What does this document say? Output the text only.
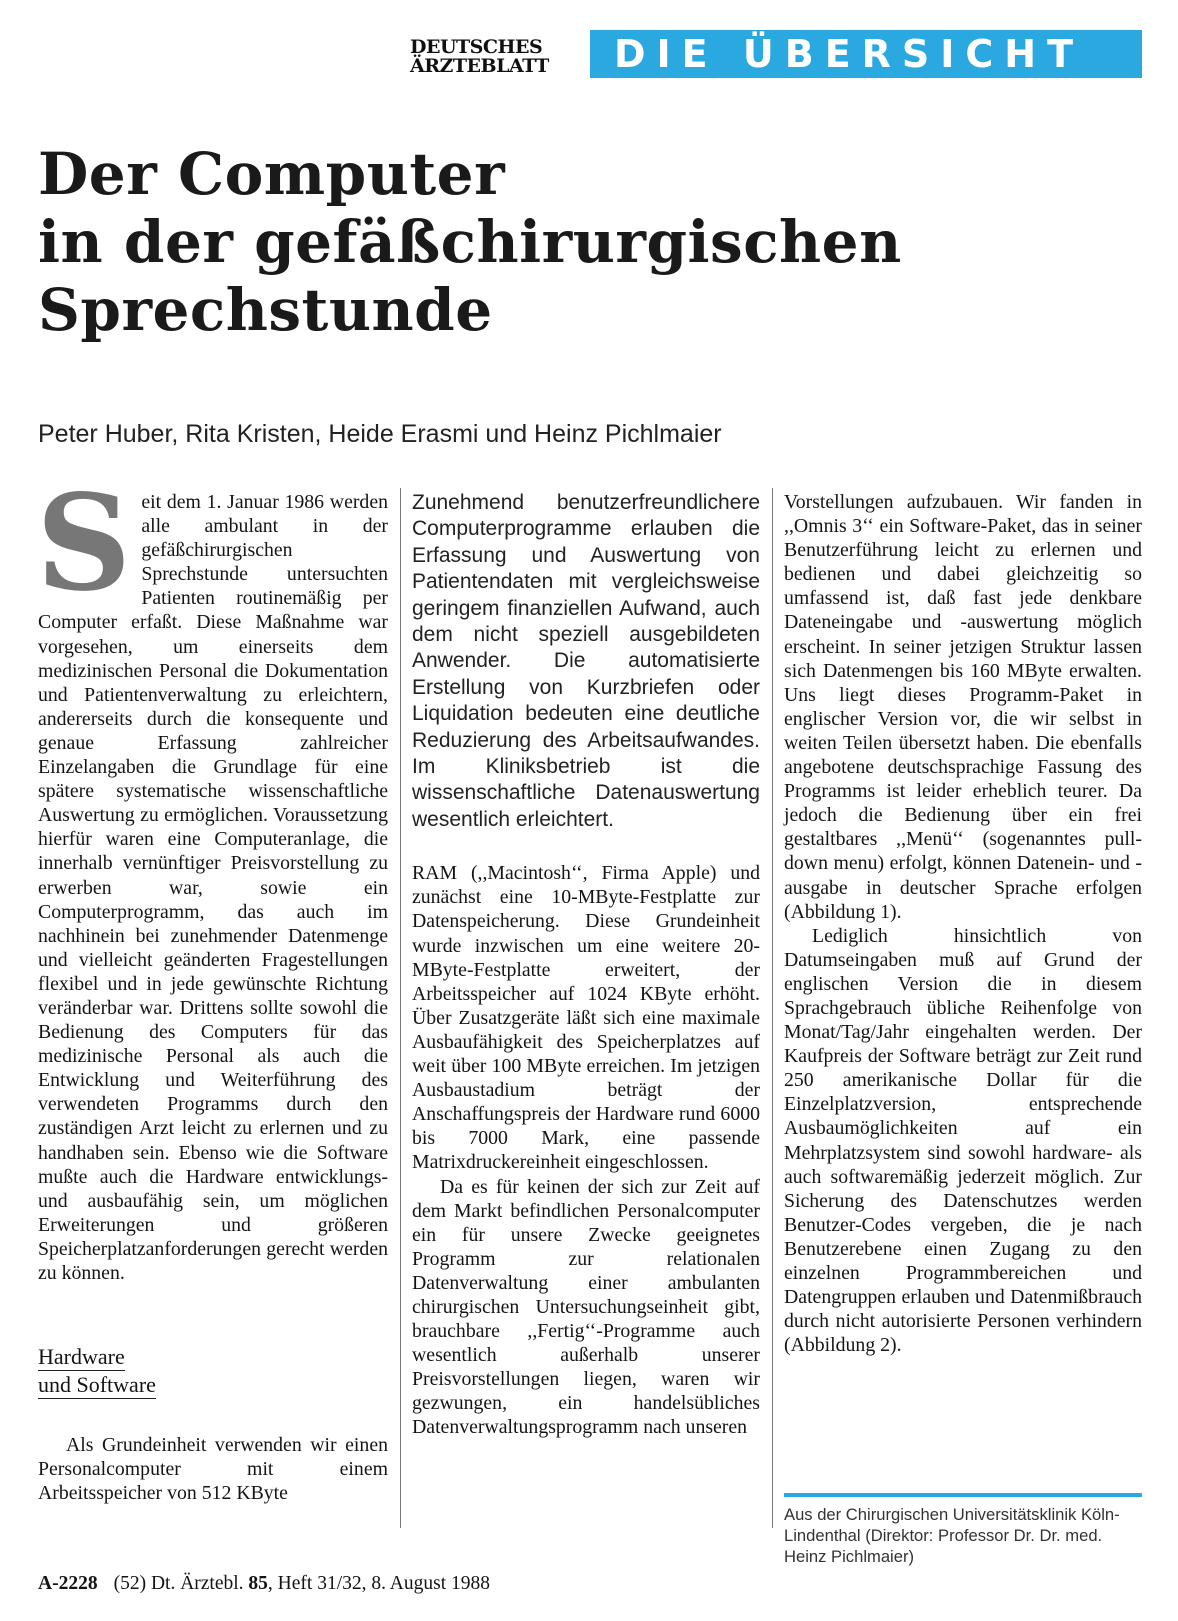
DEUTSCHES
ÄRZTEBLATT	DIE ÜBERSICHT
Der Computer
in der gefäßchirurgischen
Sprechstunde
Peter Huber, Rita Kristen, Heide Erasmi und Heinz Pichlmaier

Seit dem 1. Januar 1986 werden alle ambulant in der gefäßchirurgischen Sprechstunde untersuchten Patienten routinemäßig per Computer erfaßt. Diese Maßnahme war vorgesehen, um einerseits dem medizinischen Personal die Dokumentation und Patientenverwaltung zu erleichtern, andererseits durch die konsequente und genaue Erfassung zahlreicher Einzelangaben die Grundlage für eine spätere systematische wissenschaftliche Auswertung zu ermöglichen. Voraussetzung hierfür waren eine Computeranlage, die innerhalb vernünftiger Preisvorstellung zu erwerben war, sowie ein Computerprogramm, das auch im nachhinein bei zunehmender Datenmenge und vielleicht geänderten Fragestellungen flexibel und in jede gewünschte Richtung veränderbar war. Drittens sollte sowohl die Bedienung des Computers für das medizinische Personal als auch die Entwicklung und Weiterführung des verwendeten Programms durch den zuständigen Arzt leicht zu erlernen und zu handhaben sein. Ebenso wie die Software mußte auch die Hardware entwicklungs- und ausbaufähig sein, um möglichen Erweiterungen und größeren Speicherplatzanforderungen gerecht werden zu können.

Hardware
und Software

Als Grundeinheit verwenden wir einen Personalcomputer mit einem Arbeitsspeicher von 512 KByte

Zunehmend benutzerfreundlichere Computerprogramme erlauben die Erfassung und Auswertung von Patientendaten mit vergleichsweise geringem finanziellen Aufwand, auch dem nicht speziell ausgebildeten Anwender. Die automatisierte Erstellung von Kurzbriefen oder Liquidation bedeuten eine deutliche Reduzierung des Arbeitsaufwandes. Im Kliniksbetrieb ist die wissenschaftliche Datenauswertung wesentlich erleichtert.

RAM (,,Macintosh‘‘, Firma Apple) und zunächst eine 10-MByte-Festplatte zur Datenspeicherung. Diese Grundeinheit wurde inzwischen um eine weitere 20-MByte-Festplatte erweitert, der Arbeitsspeicher auf 1024 KByte erhöht. Über Zusatzgeräte läßt sich eine maximale Ausbaufähigkeit des Speicherplatzes auf weit über 100 MByte erreichen. Im jetzigen Ausbaustadium beträgt der Anschaffungspreis der Hardware rund 6000 bis 7000 Mark, eine passende Matrixdruckereinheit eingeschlossen.

Da es für keinen der sich zur Zeit auf dem Markt befindlichen Personalcomputer ein für unsere Zwecke geeignetes Programm zur relationalen Datenverwaltung einer ambulanten chirurgischen Untersuchungseinheit gibt, brauchbare ,,Fertig‘‘-Programme auch wesentlich außerhalb unserer Preisvorstellungen liegen, waren wir gezwungen, ein handelsübliches Datenverwaltungsprogramm nach unseren

Vorstellungen aufzubauen. Wir fanden in ,,Omnis 3‘‘ ein Software-Paket, das in seiner Benutzerführung leicht zu erlernen und bedienen und dabei gleichzeitig so umfassend ist, daß fast jede denkbare Dateneingabe und -auswertung möglich erscheint. In seiner jetzigen Struktur lassen sich Datenmengen bis 160 MByte erwalten. Uns liegt dieses Programm-Paket in englischer Version vor, die wir selbst in weiten Teilen übersetzt haben. Die ebenfalls angebotene deutschsprachige Fassung des Programms ist leider erheblich teurer. Da jedoch die Bedienung über ein frei gestaltbares ,,Menü‘‘ (sogenanntes pull-down menu) erfolgt, können Datenein- und -ausgabe in deutscher Sprache erfolgen (Abbildung 1).

Lediglich hinsichtlich von Datumseingaben muß auf Grund der englischen Version die in diesem Sprachgebrauch übliche Reihenfolge von Monat/Tag/Jahr eingehalten werden. Der Kaufpreis der Software beträgt zur Zeit rund 250 amerikanische Dollar für die Einzelplatzversion, entsprechende Ausbaumöglichkeiten auf ein Mehrplatzsystem sind sowohl hardware- als auch softwaremäßig jederzeit möglich. Zur Sicherung des Datenschutzes werden Benutzer-Codes vergeben, die je nach Benutzerebene einen Zugang zu den einzelnen Programmbereichen und Datengruppen erlauben und Datenmißbrauch durch nicht autorisierte Personen verhindern (Abbildung 2).

Aus der Chirurgischen Universitätsklinik Köln-Lindenthal (Direktor: Professor Dr. Dr. med. Heinz Pichlmaier)
A-2228 (52) Dt. Ärztebl. 85, Heft 31/32, 8. August 1988
